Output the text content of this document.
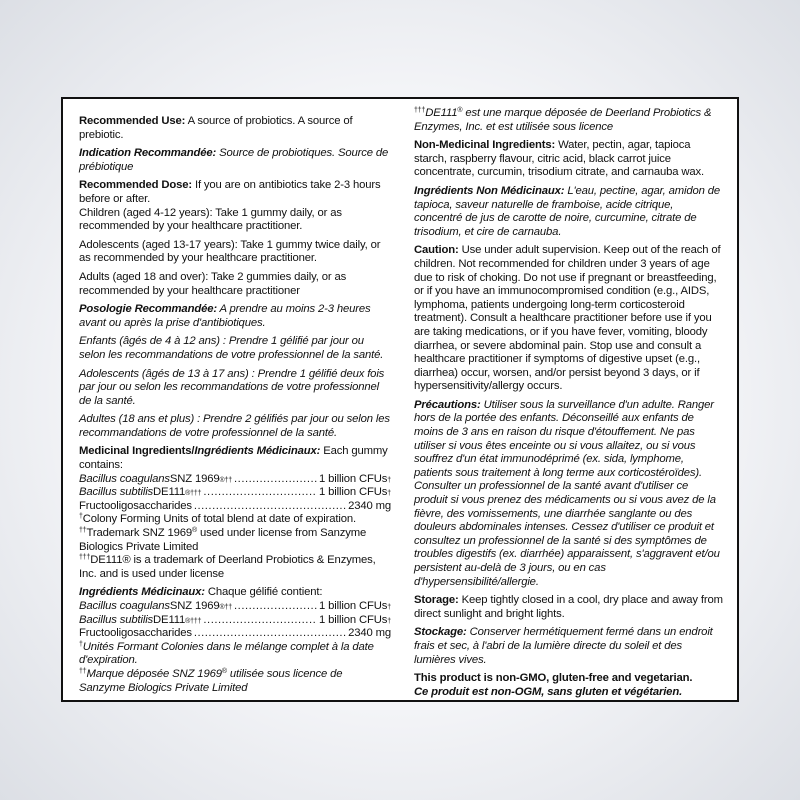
Recommended Use: A source of probiotics. A source of prebiotic.

Indication Recommandée: Source de probiotiques. Source de prébiotique

Recommended Dose: If you are on antibiotics take 2-3 hours before or after.

Children (aged 4-12 years): Take 1 gummy daily, or as recommended by your healthcare practitioner.

Adolescents (aged 13-17 years): Take 1 gummy twice daily, or as recommended by your healthcare practitioner.

Adults (aged 18 and over): Take 2 gummies daily, or as recommended by your healthcare practitioner

Posologie Recommandée: A prendre au moins 2-3 heures avant ou après la prise d'antibiotiques.

Enfants (âgés de 4 à 12 ans) : Prendre 1 gélifié par jour ou selon les recommandations de votre professionnel de la santé.

Adolescents (âgés de 13 à 17 ans) : Prendre 1 gélifié deux fois par jour ou selon les recommandations de votre professionnel de la santé.

Adultes (18 ans et plus) : Prendre 2 gélifiés par jour ou selon les recommandations de votre professionnel de la santé.

Medicinal Ingredients/Ingrédients Médicinaux: Each gummy contains:

Bacillus coagulans SNZ 1969 ®†† .....	1 billion CFUs †
Bacillus subtilis DE111 ®††† .....	1 billion CFUs †
Fructooligosaccharides .....	2340 mg

†Colony Forming Units of total blend at date of expiration.

††Trademark SNZ 1969® used under license from Sanzyme Biologics Private Limited

†††DE111® is a trademark of Deerland Probiotics & Enzymes, Inc. and is used under license

Ingrédients Médicinaux: Chaque gélifié contient:

Bacillus coagulans SNZ 1969 ®†† .....	1 billion CFUs †
Bacillus subtilis DE111 ®††† .....	1 billion CFUs †
Fructooligosaccharides .....	2340 mg

†Unités Formant Colonies dans le mélange complet à la date d'expiration.

††Marque déposée SNZ 1969® utilisée sous licence de Sanzyme Biologics Private Limited

†††DE111® est une marque déposée de Deerland Probiotics & Enzymes, Inc. et est utilisée sous licence

Non-Medicinal Ingredients: Water, pectin, agar, tapioca starch, raspberry flavour, citric acid, black carrot juice concentrate, curcumin, trisodium citrate, and carnauba wax.

Ingrédients Non Médicinaux: L'eau, pectine, agar, amidon de tapioca, saveur naturelle de framboise, acide citrique, concentré de jus de carotte de noire, curcumine, citrate de trisodium, et cire de carnauba.

Caution: Use under adult supervision. Keep out of the reach of children. Not recommended for children under 3 years of age due to risk of choking. Do not use if pregnant or breastfeeding, or if you have an immunocompromised condition (e.g., AIDS, lymphoma, patients undergoing long-term corticosteroid treatment). Consult a healthcare practitioner before use if you are taking medications, or if you have fever, vomiting, bloody diarrhea, or severe abdominal pain. Stop use and consult a healthcare practitioner if symptoms of digestive upset (e.g., diarrhea) occur, worsen, and/or persist beyond 3 days, or if hypersensitivity/allergy occurs.

Précautions: Utiliser sous la surveillance d'un adulte. Ranger hors de la portée des enfants. Déconseillé aux enfants de moins de 3 ans en raison du risque d'étouffement. Ne pas utiliser si vous êtes enceinte ou si vous allaitez, ou si vous souffrez d'un état immunodéprimé (ex. sida, lymphome, patients sous traitement à long terme aux corticostéroïdes). Consulter un professionnel de la santé avant d'utiliser ce produit si vous prenez des médicaments ou si vous avez de la fièvre, des vomissements, une diarrhée sanglante ou des douleurs abdominales intenses. Cessez d'utiliser ce produit et consultez un professionnel de la santé si des symptômes de troubles digestifs (ex. diarrhée) apparaissent, s'aggravent et/ou persistent au-delà de 3 jours, ou en cas d'hypersensibilité/allergie.

Storage: Keep tightly closed in a cool, dry place and away from direct sunlight and bright lights.

Stockage: Conserver hermétiquement fermé dans un endroit frais et sec, à l'abri de la lumière directe du soleil et des lumières vives.

This product is non-GMO, gluten-free and vegetarian.

Ce produit est non-OGM, sans gluten et végétarien.
